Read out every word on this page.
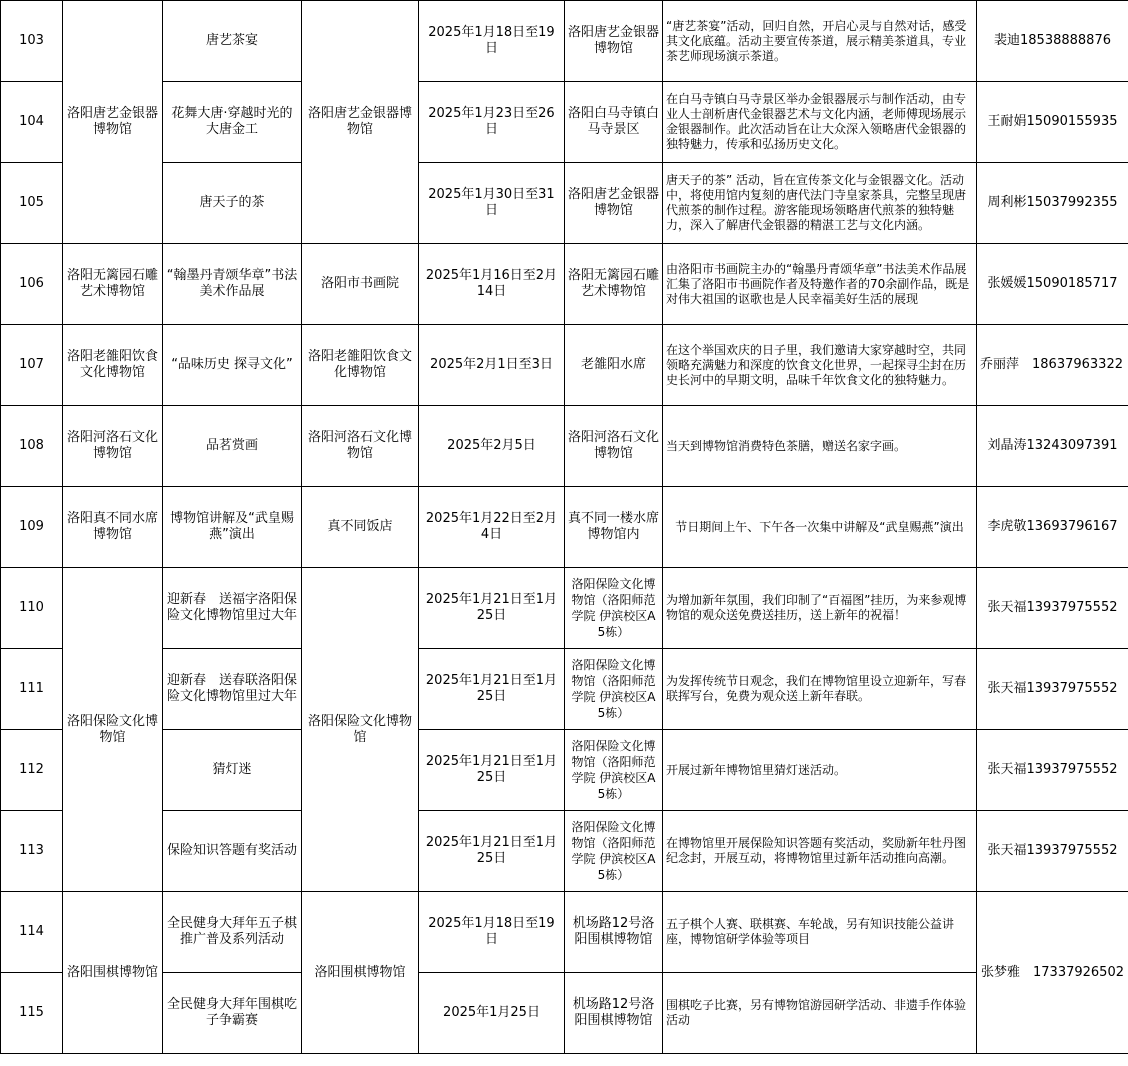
103	洛阳唐艺金银器博物馆	唐艺茶宴	洛阳唐艺金银器博物馆	2025年1月18日至19日	洛阳唐艺金银器博物馆	“唐艺茶宴”活动，回归自然，开启心灵与自然对话，感受其文化底蕴。活动主要宣传茶道，展示精美茶道具，专业茶艺师现场演示茶道。	裴迪18538888876
104		花舞大唐·穿越时光的大唐金工		2025年1月23日至26日	洛阳白马寺镇白马寺景区	在白马寺镇白马寺景区举办金银器展示与制作活动，由专业人士剖析唐代金银器艺术与文化内涵，老师傅现场展示金银器制作。此次活动旨在让大众深入领略唐代金银器的独特魅力，传承和弘扬历史文化。	王耐娟15090155935
105		唐天子的茶		2025年1月30日至31日	洛阳唐艺金银器博物馆	唐天子的茶” 活动，旨在宣传茶文化与金银器文化。活动中，将使用馆内复刻的唐代法门寺皇家茶具，完整呈现唐代煎茶的制作过程。游客能现场领略唐代煎茶的独特魅力，深入了解唐代金银器的精湛工艺与文化内涵。	周利彬15037992355
106	洛阳无篱园石雕艺术博物馆	“翰墨丹青颂华章”书法美术作品展	洛阳市书画院	2025年1月16日至2月14日	洛阳无篱园石雕艺术博物馆	由洛阳市书画院主办的“翰墨丹青颂华章”书法美术作品展汇集了洛阳市书画院作者及特邀作者的70余副作品，既是对伟大祖国的讴歌也是人民幸福美好生活的展现	张媛媛15090185717
107	洛阳老雒阳饮食文化博物馆	“品味历史 探寻文化”	洛阳老雒阳饮食文化博物馆	2025年2月1日至3日	老雒阳水席	在这个举国欢庆的日子里，我们邀请大家穿越时空，共同领略充满魅力和深度的饮食文化世界，一起探寻尘封在历史长河中的早期文明，品味千年饮食文化的独特魅力。	乔丽萍　18637963322
108	洛阳河洛石文化博物馆	品茗赏画	洛阳河洛石文化博物馆	2025年2月5日	洛阳河洛石文化博物馆	当天到博物馆消费特色茶膳，赠送名家字画。	刘晶涛13243097391
109	洛阳真不同水席博物馆	博物馆讲解及“武皇赐燕”演出	真不同饭店	2025年1月22日至2月4日	真不同一楼水席博物馆内	节日期间上午、下午各一次集中讲解及“武皇赐燕”演出	李虎敬13693796167
110	洛阳保险文化博物馆	迎新春　送福字洛阳保险文化博物馆里过大年	洛阳保险文化博物馆	2025年1月21日至1月25日	洛阳保险文化博物馆（洛阳师范学院 伊滨校区A5栋）	为增加新年氛围，我们印制了“百福图”挂历，为来参观博物馆的观众送免费送挂历，送上新年的祝福！	张天福13937975552
111		迎新春　送春联洛阳保险文化博物馆里过大年		2025年1月21日至1月25日	洛阳保险文化博物馆（洛阳师范学院 伊滨校区A5栋）	为发挥传统节日观念，我们在博物馆里设立迎新年，写春联挥写台，免费为观众送上新年春联。	张天福13937975552
112		猜灯迷		2025年1月21日至1月25日	洛阳保险文化博物馆（洛阳师范学院 伊滨校区A5栋）	开展过新年博物馆里猜灯迷活动。	张天福13937975552
113		保险知识答题有奖活动		2025年1月21日至1月25日	洛阳保险文化博物馆（洛阳师范学院 伊滨校区A5栋）	在博物馆里开展保险知识答题有奖活动，奖励新年牡丹图纪念封，开展互动，将博物馆里过新年活动推向高潮。	张天福13937975552
114	洛阳围棋博物馆	全民健身大拜年五子棋推广普及系列活动	洛阳围棋博物馆	2025年1月18日至19日	机场路12号洛阳围棋博物馆	五子棋个人赛、联棋赛、车轮战，另有知识技能公益讲座，博物馆研学体验等项目	张梦雅　17337926502
115		全民健身大拜年围棋吃子争霸赛		2025年1月25日	机场路12号洛阳围棋博物馆	围棋吃子比赛，另有博物馆游园研学活动、非遗手作体验活动	
